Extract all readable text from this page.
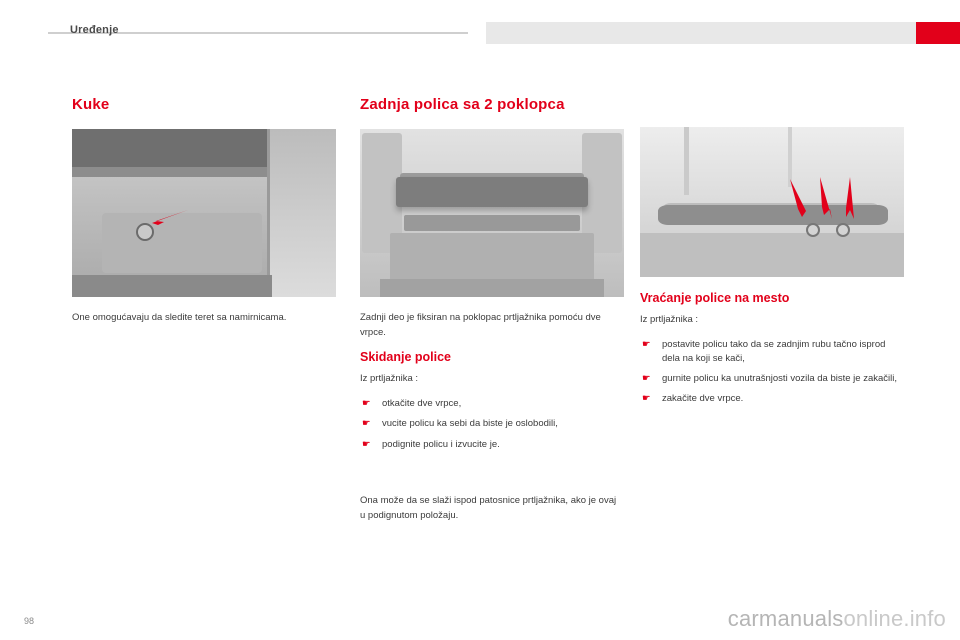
Uređenje
Kuke

One omogućavaju da sledite teret sa namirnicama.

Zadnja polica sa 2 poklopca

Zadnji deo je fiksiran na poklopac prtljažnika pomoću dve vrpce.

Skidanje police

Iz prtljažnika :

☛ otkačite dve vrpce,
☛ vucite policu ka sebi da biste je oslobodili,
☛ podignite policu i izvucite je.

Ona može da se slaži ispod patosnice prtljažnika, ako je ovaj u podignutom položaju.

Vraćanje police na mesto

Iz prtljažnika :

☛ postavite policu tako da se zadnjim rubu tačno isprod dela na koji se kači,
☛ gurnite policu ka unutrašnjosti vozila da biste je zakačili,
☛ zakačite dve vrpce.
98	carmanualsonline.info
